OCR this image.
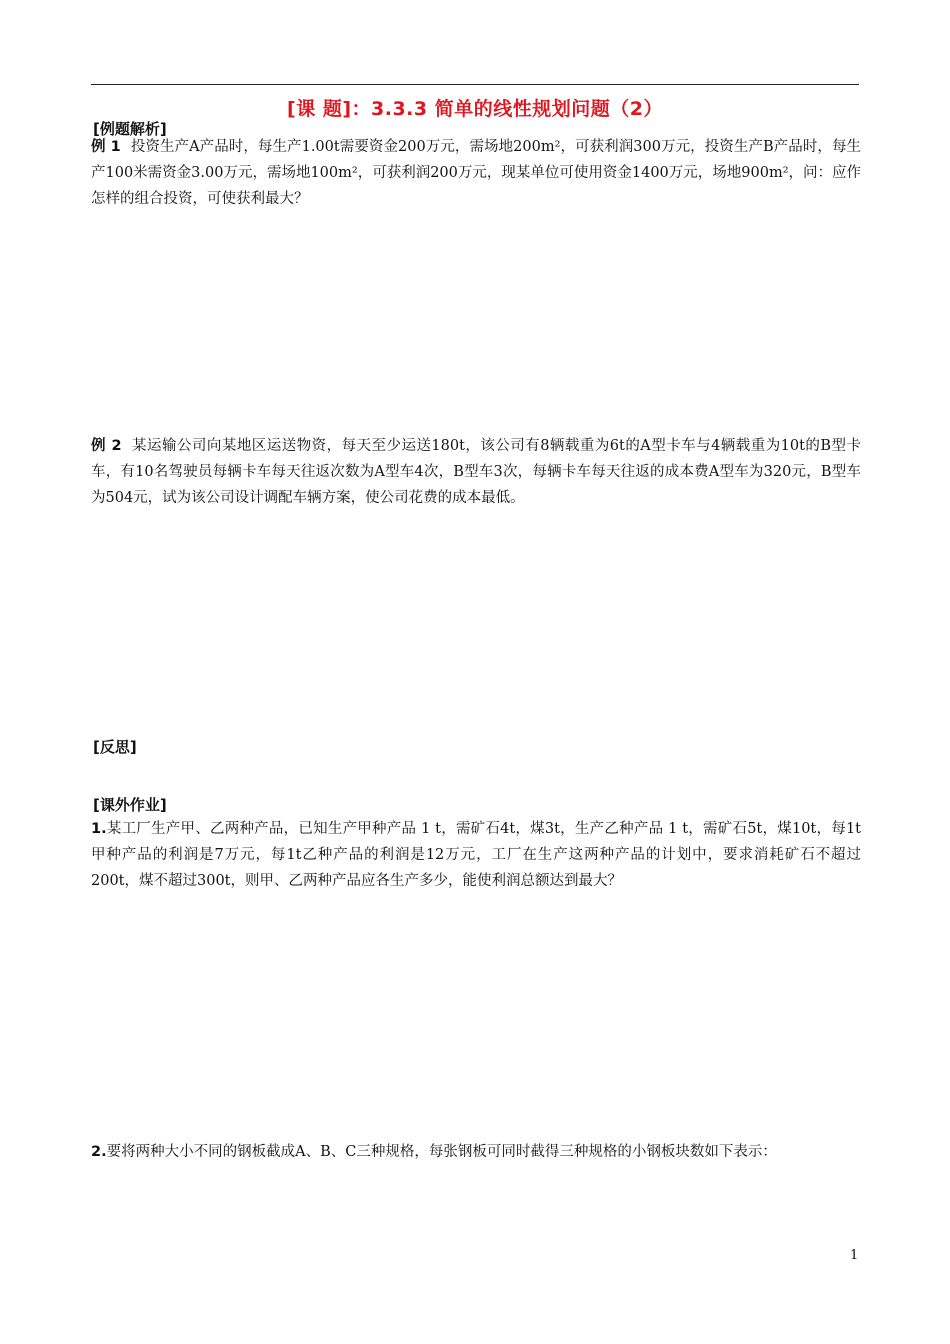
[课 题]：3.3.3 简单的线性规划问题（2）
[例题解析]
例 1 投资生产A产品时，每生产1.00t需要资金200万元，需场地200m²，可获利润300万元，投资生产B产品时，每生产100米需资金3.00万元，需场地100m²，可获利润200万元，现某单位可使用资金1400万元，场地900m²，问：应作怎样的组合投资，可使获利最大？
例 2 某运输公司向某地区运送物资，每天至少运送180t，该公司有8辆载重为6t的A型卡车与4辆载重为10t的B型卡车，有10名驾驶员每辆卡车每天往返次数为A型车4次，B型车3次，每辆卡车每天往返的成本费A型车为320元，B型车为504元，试为该公司设计调配车辆方案，使公司花费的成本最低。
[反思]
[课外作业]
1.某工厂生产甲、乙两种产品，已知生产甲种产品 1 t，需矿石4t，煤3t，生产乙种产品 1 t，需矿石5t，煤10t，每1t甲种产品的利润是7万元，每1t乙种产品的利润是12万元，工厂在生产这两种产品的计划中，要求消耗矿石不超过200t，煤不超过300t，则甲、乙两种产品应各生产多少，能使利润总额达到最大？
2.要将两种大小不同的钢板截成A、B、C三种规格，每张钢板可同时截得三种规格的小钢板块数如下表示：
1
